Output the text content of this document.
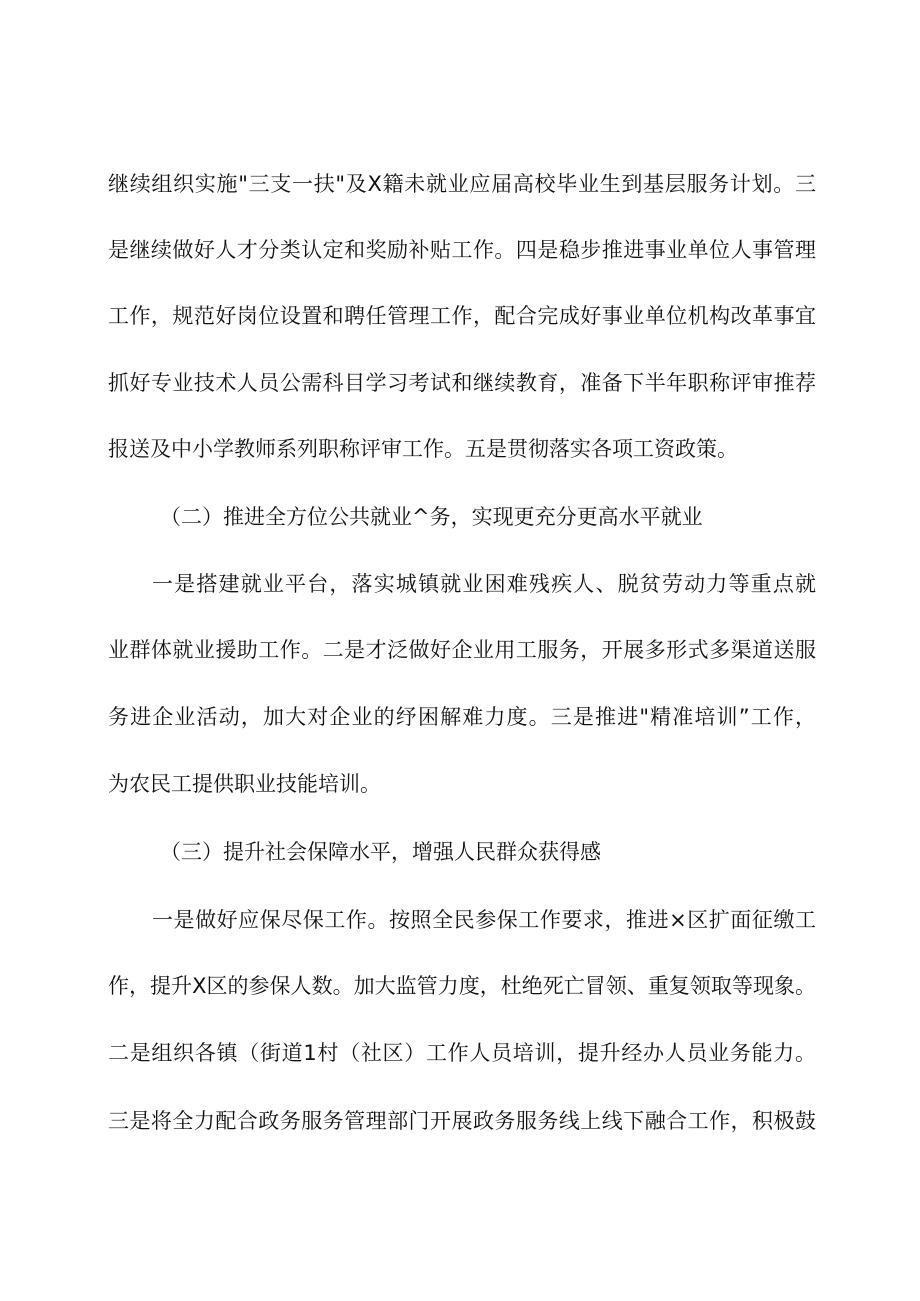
继续组织实施"三支一扶"及X籍未就业应届高校毕业生到基层服务计划。三
是继续做好人才分类认定和奖励补贴工作。四是稳步推进事业单位人事管理
工作，规范好岗位设置和聘任管理工作，配合完成好事业单位机构改革事宜
抓好专业技术人员公需科目学习考试和继续教育，准备下半年职称评审推荐
报送及中小学教师系列职称评审工作。五是贯彻落实各项工资政策。
（二）推进全方位公共就业^务，实现更充分更高水平就业
一是搭建就业平台，落实城镇就业困难残疾人、脱贫劳动力等重点就
业群体就业援助工作。二是才泛做好企业用工服务，开展多形式多渠道送服
务进企业活动，加大对企业的纾困解难力度。三是推进"精准培训”工作，
为农民工提供职业技能培训。
（三）提升社会保障水平，增强人民群众获得感
一是做好应保尽保工作。按照全民参保工作要求，推进×区扩面征缴工
作，提升X区的参保人数。加大监管力度，杜绝死亡冒领、重复领取等现象。
二是组织各镇（街道1村（社区）工作人员培训，提升经办人员业务能力。
三是将全力配合政务服务管理部门开展政务服务线上线下融合工作，积极鼓
